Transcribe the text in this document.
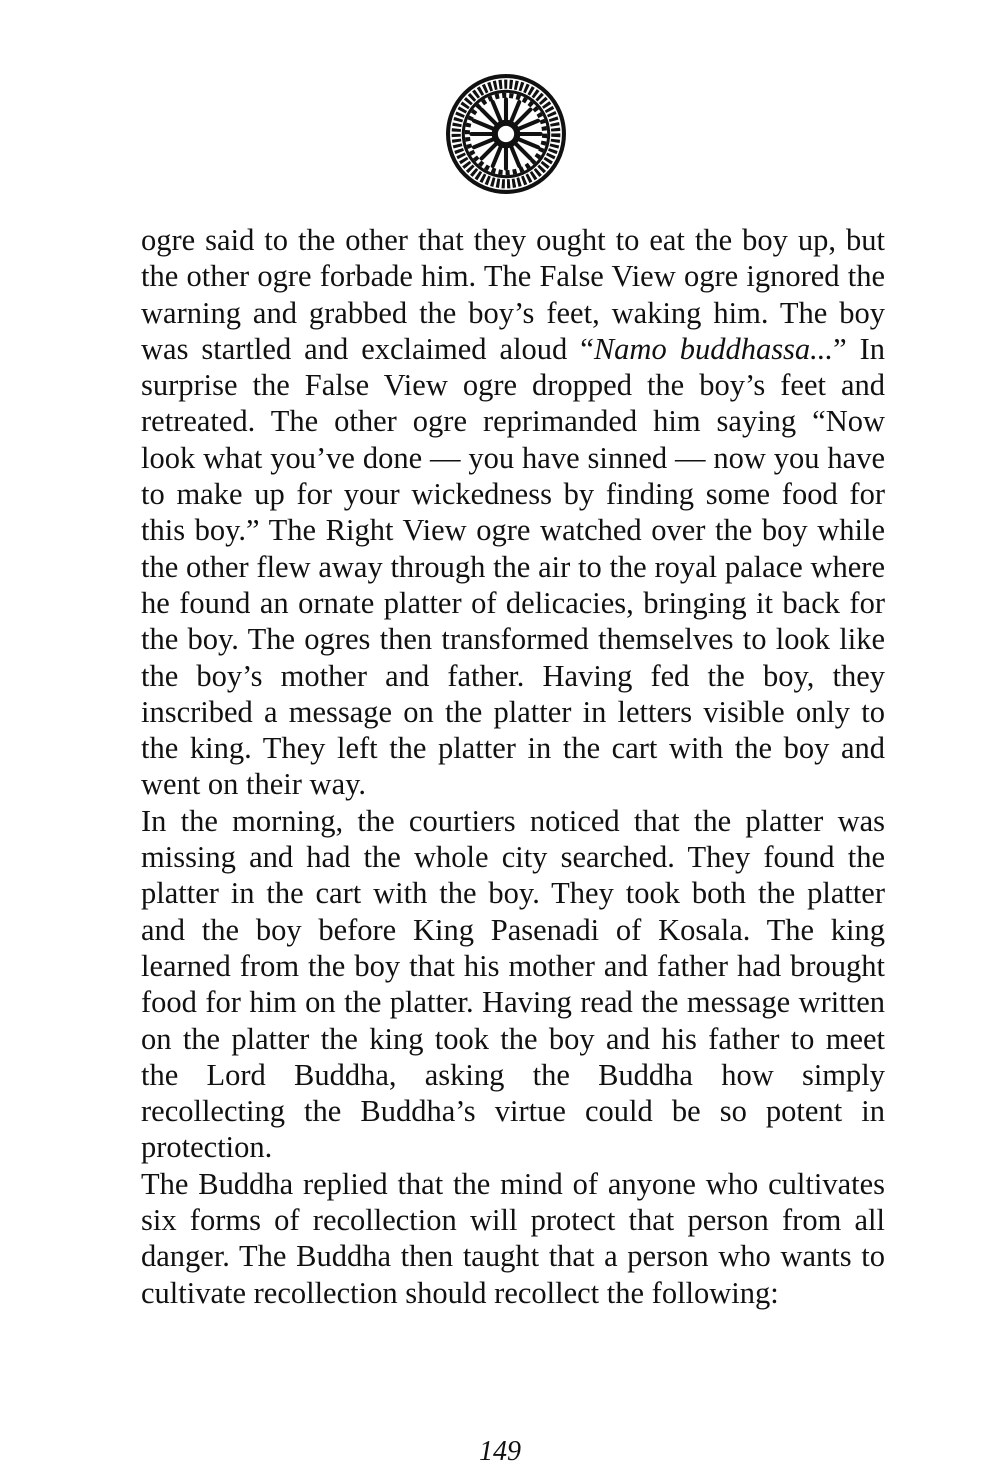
ogre said to the other that they ought to eat the boy up, but the other ogre forbade him. The False View ogre ignored the warning and grabbed the boy’s feet, waking him. The boy was startled and exclaimed aloud “Namo buddhassa...” In surprise the False View ogre dropped the boy’s feet and retreated. The other ogre reprimanded him saying “Now look what you’ve done — you have sinned — now you have to make up for your wickedness by finding some food for this boy.” The Right View ogre watched over the boy while the other flew away through the air to the royal palace where he found an ornate platter of delicacies, bringing it back for the boy. The ogres then transformed themselves to look like the boy’s mother and father. Having fed the boy, they inscribed a message on the platter in letters visible only to the king. They left the platter in the cart with the boy and went on their way.

In the morning, the courtiers noticed that the platter was missing and had the whole city searched. They found the platter in the cart with the boy. They took both the platter and the boy before King Pasenadi of Kosala. The king learned from the boy that his mother and father had brought food for him on the platter. Having read the message written on the platter the king took the boy and his father to meet the Lord Buddha, asking the Buddha how simply recollecting the Buddha’s virtue could be so potent in protection.

The Buddha replied that the mind of anyone who cultivates six forms of recollection will protect that person from all danger. The Buddha then taught that a person who wants to cultivate recollection should recollect the following:

149
